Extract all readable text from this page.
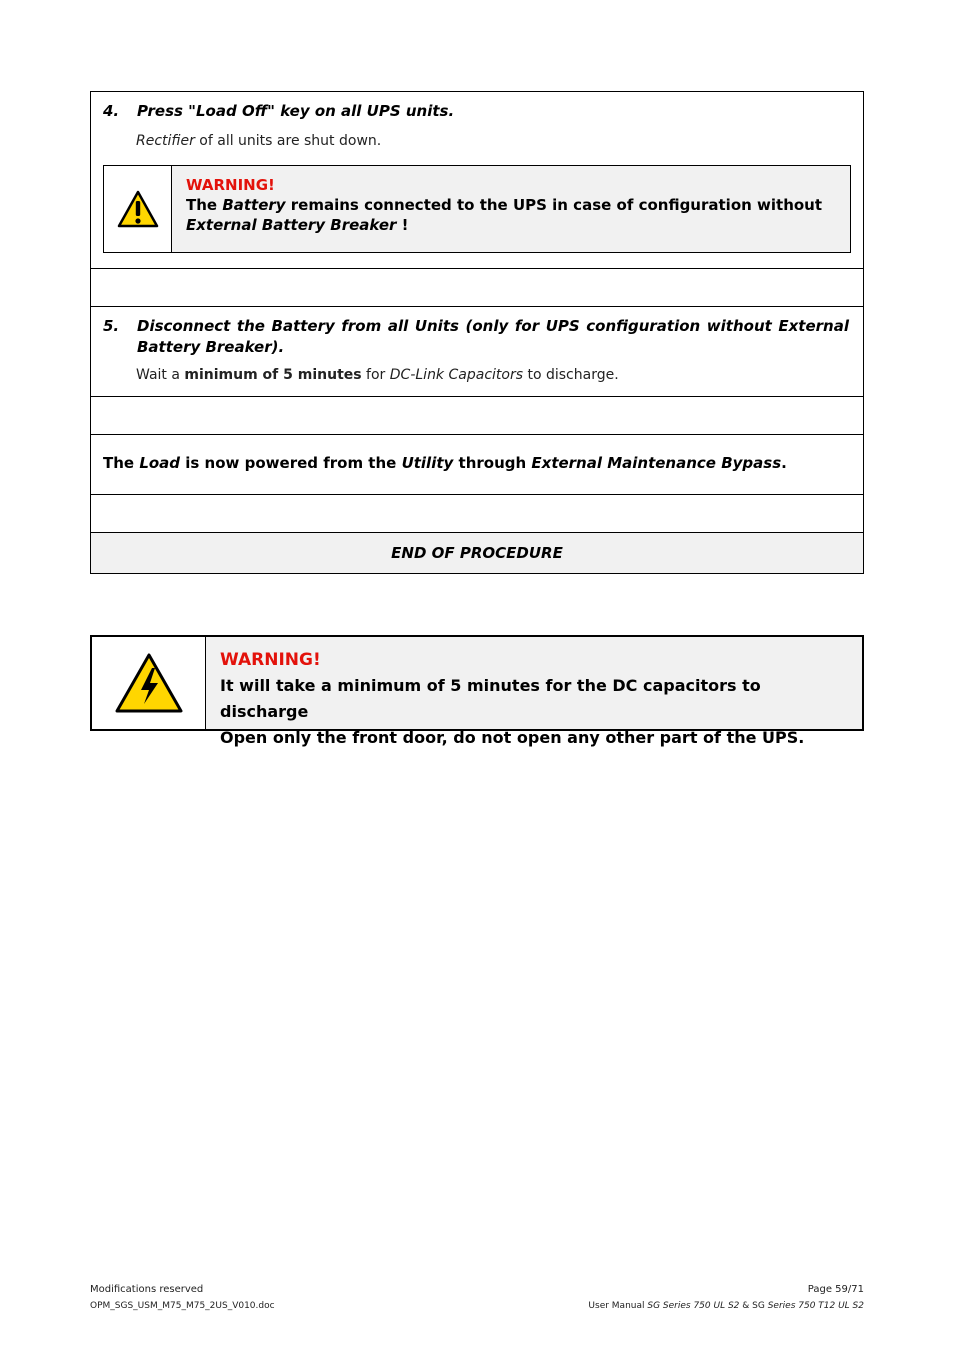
4. Press "Load Off" key on all UPS units.
Rectifier of all units are shut down.
WARNING!
The Battery remains connected to the UPS in case of configuration without External Battery Breaker !
5.	Disconnect the Battery from all Units (only for UPS configuration without External Battery Breaker).
Wait a minimum of 5 minutes for DC-Link Capacitors to discharge.
The Load is now powered from the Utility through External Maintenance Bypass.
END OF PROCEDURE
WARNING!
It will take a minimum of 5 minutes for the DC capacitors to discharge
Open only the front door, do not open any other part of the UPS.
Modifications reserved	Page 59/71
OPM_SGS_USM_M75_M75_2US_V010.doc	User Manual SG Series 750 UL S2 & SG Series 750 T12 UL S2
